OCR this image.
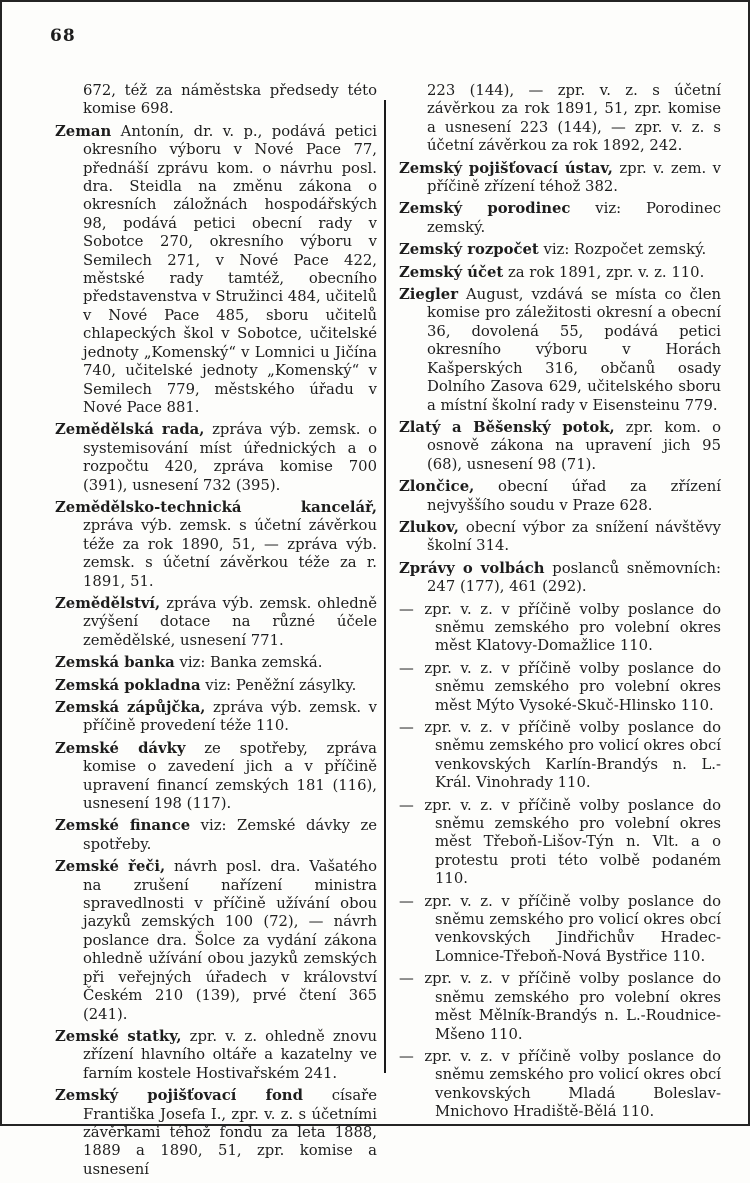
68

672, též za náměstska předsedy této komise 698.

Zeman Antonín, dr. v. p., podává petici okresního výboru v Nové Pace 77, přednáší zprávu kom. o návrhu posl. dra. Steidla na změnu zákona o okresních záložnách hospodářských 98, podává petici obecní rady v Sobotce 270, okresního výboru v Semilech 271, v Nové Pace 422, městské rady tamtéž, obecního představenstva v Stružinci 484, učitelů v Nové Pace 485, sboru učitelů chlapeckých škol v Sobotce, učitelské jednoty „Komenský“ v Lomnici u Jičína 740, učitelské jednoty „Komenský“ v Semilech 779, městského úřadu v Nové Pace 881.

Zemědělská rada, zpráva výb. zemsk. o systemisování míst úřednických a o rozpočtu 420, zpráva komise 700 (391), usnesení 732 (395).

Zemědělsko-technická kancelář, zpráva výb. zemsk. s účetní závěrkou téže za rok 1890, 51, — zpráva výb. zemsk. s účetní závěrkou téže za r. 1891, 51.

Zemědělství, zpráva výb. zemsk. ohledně zvýšení dotace na různé účele zemědělské, usnesení 771.

Zemská banka viz: Banka zemská.

Zemská pokladna viz: Peněžní zásylky.

Zemská zápůjčka, zpráva výb. zemsk. v příčině provedení téže 110.

Zemské dávky ze spotřeby, zpráva komise o zavedení jich a v příčině upravení financí zemských 181 (116), usnesení 198 (117).

Zemské finance viz: Zemské dávky ze spotřeby.

Zemské řeči, návrh posl. dra. Vašatého na zrušení nařízení ministra spravedlnosti v příčině užívání obou jazyků zemských 100 (72), — návrh poslance dra. Šolce za vydání zákona ohledně užívání obou jazyků zemských při veřejných úřadech v království Českém 210 (139), prvé čtení 365 (241).

Zemské statky, zpr. v. z. ohledně znovu zřízení hlavního oltáře a kazatelny ve farním kostele Hostivařském 241.

Zemský pojišťovací fond císaře Františka Josefa I., zpr. v. z. s účetními závěrkami téhož fondu za leta 1888, 1889 a 1890, 51, zpr. komise a usnesení

223 (144), — zpr. v. z. s účetní závěrkou za rok 1891, 51, zpr. komise a usnesení 223 (144), — zpr. v. z. s účetní závěrkou za rok 1892, 242.

Zemský pojišťovací ústav, zpr. v. zem. v příčině zřízení téhož 382.

Zemský porodinec viz: Porodinec zemský.

Zemský rozpočet viz: Rozpočet zemský.

Zemský účet za rok 1891, zpr. v. z. 110.

Ziegler August, vzdává se místa co člen komise pro záležitosti okresní a obecní 36, dovolená 55, podává petici okresního výboru v Horách Kašperských 316, občanů osady Dolního Zasova 629, učitelského sboru a místní školní rady v Eisensteinu 779.

Zlatý a Běšenský potok, zpr. kom. o osnově zákona na upravení jich 95 (68), usnesení 98 (71).

Zlončice, obecní úřad za zřízení nejvyššího soudu v Praze 628.

Zlukov, obecní výbor za snížení návštěvy školní 314.

Zprávy o volbách poslanců sněmovních: 247 (177), 461 (292).

— zpr. v. z. v příčině volby poslance do sněmu zemského pro volební okres měst Klatovy-Domažlice 110.

— zpr. v. z. v příčině volby poslance do sněmu zemského pro volební okres měst Mýto Vysoké-Skuč-Hlinsko 110.

— zpr. v. z. v příčině volby poslance do sněmu zemského pro volicí okres obcí venkovských Karlín-Brandýs n. L.-Král. Vinohrady 110.

— zpr. v. z. v příčině volby poslance do sněmu zemského pro volební okres měst Třeboň-Lišov-Týn n. Vlt. a o protestu proti této volbě podaném 110.

— zpr. v. z. v příčině volby poslance do sněmu zemského pro volicí okres obcí venkovských Jindřichův Hradec-Lomnice-Třeboň-Nová Bystřice 110.

— zpr. v. z. v příčině volby poslance do sněmu zemského pro volební okres měst Mělník-Brandýs n. L.-Roudnice-Mšeno 110.

— zpr. v. z. v příčině volby poslance do sněmu zemského pro volicí okres obcí venkovských Mladá Boleslav-Mnichovo Hradiště-Bělá 110.
